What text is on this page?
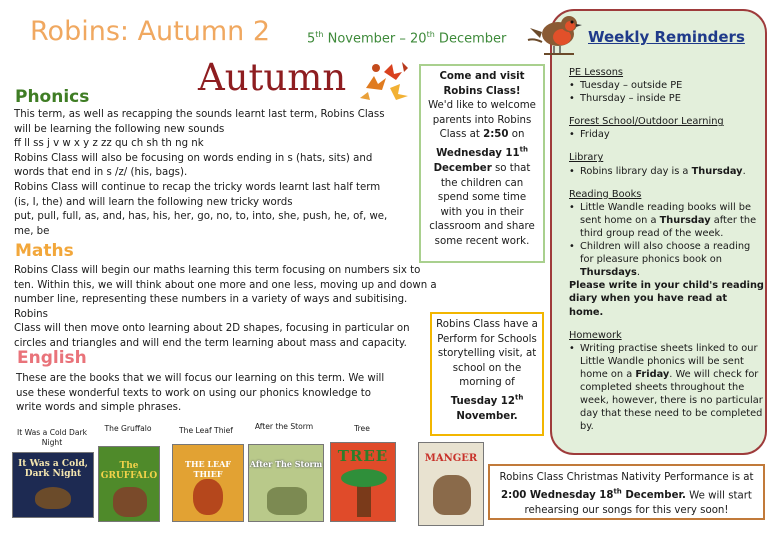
Robins: Autumn 2	5th November – 20th December
Autumn
Phonics
This term, as well as recapping the sounds learnt last term, Robins Class
will be learning the following new sounds
ff ll ss j v w x y z zz qu ch sh th ng nk
Robins Class will also be focusing on words ending in s (hats, sits) and
words that end in s /z/ (his, bags).
Robins Class will continue to recap the tricky words learnt last half term
(is, I, the) and will learn the following new tricky words
put, pull, full, as, and, has, his, her, go, no, to, into, she, push, he, of, we,
me, be
Maths
Robins Class will begin our maths learning this term focusing on numbers six to
ten. Within this, we will think about one more and one less, moving up and down a
number line, representing these numbers in a variety of ways and subitising. Robins
Class will then move onto learning about 2D shapes, focusing in particular on
circles and triangles and will end the term learning about mass and capacity.
English
These are the books that we will focus our learning on this term. We will
use these wonderful texts to work on using our phonics knowledge to
write words and simple phrases.
It Was a Cold Dark Night
The Gruffalo	The Leaf Thief	After the Storm	Tree
It Was a Cold, Dark Night
The GRUFFALO
THE LEAF THIEF
After The Storm	TREE	MANGER
Come and visit Robins Class!
We'd like to welcome parents into Robins Class at 2:50 on Wednesday 11th December so that the children can spend some time with you in their classroom and share some recent work.
Robins Class have a Perform for Schools storytelling visit, at school on the morning of Tuesday 12th November.
Robins Class Christmas Nativity Performance is at 2:00 Wednesday 18th December. We will start rehearsing our songs for this very soon!
Weekly Reminders
PE Lessons
• Tuesday – outside PE
• Thursday – inside PE
Forest School/Outdoor Learning
• Friday
Library
• Robins library day is a Thursday.
Reading Books
• Little Wandle reading books will be sent home on a Thursday after the third group read of the week.
• Children will also choose a reading for pleasure phonics book on Thursdays.
Please write in your child's reading diary when you have read at home.
Homework
• Writing practise sheets linked to our Little Wandle phonics will be sent home on a Friday. We will check for completed sheets throughout the week, however, there is no particular day that these need to be completed by.
